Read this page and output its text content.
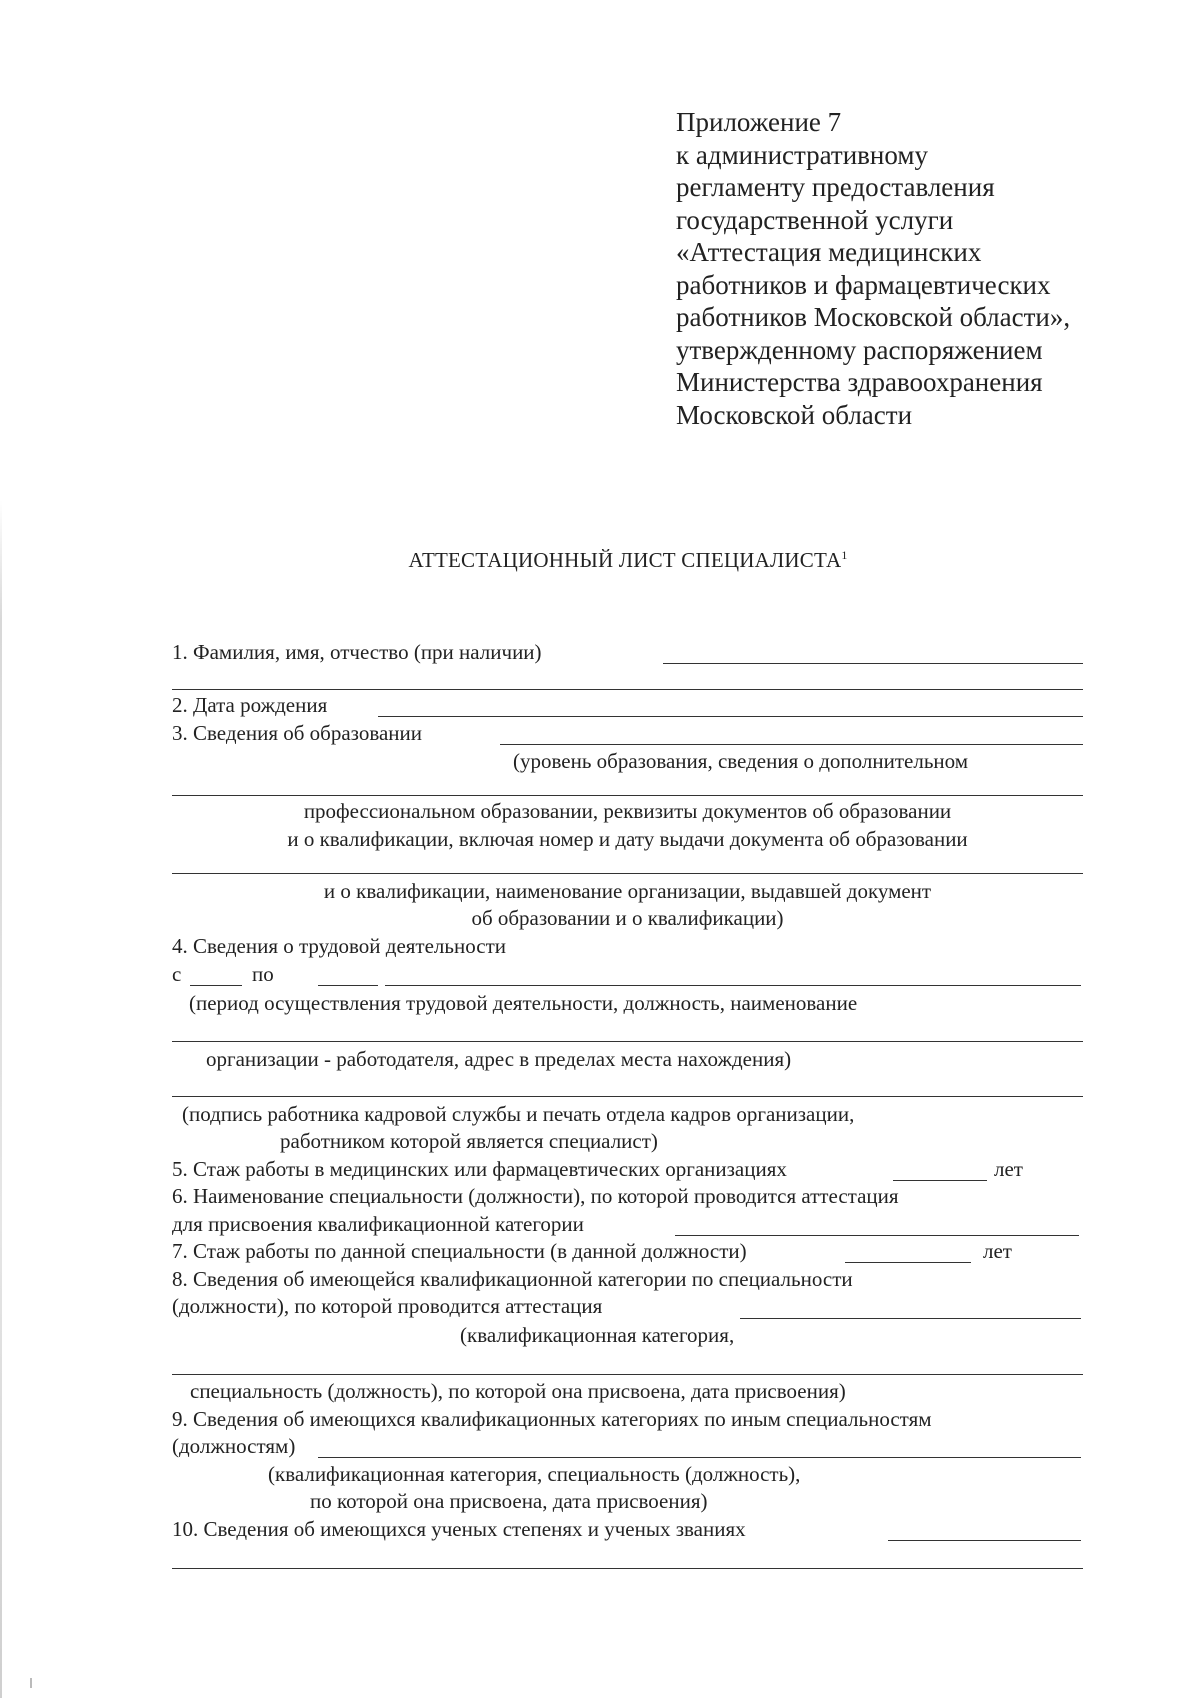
Приложение 7
к административному
регламенту предоставления
государственной услуги
«Аттестация медицинских
работников и фармацевтических
работников Московской области»,
утвержденному распоряжением
Министерства здравоохранения
Московской области
АТТЕСТАЦИОННЫЙ ЛИСТ СПЕЦИАЛИСТА$^1$
1. Фамилия, имя, отчество (при наличии)
2. Дата рождения
3. Сведения об образовании
(уровень образования, сведения о дополнительном
профессиональном образовании, реквизиты документов об образовании
и о квалификации, включая номер и дату выдачи документа об образовании
и о квалификации, наименование организации, выдавшей документ
об образовании и о квалификации)
4. Сведения о трудовой деятельности
с	по
(период осуществления трудовой деятельности, должность, наименование
организации - работодателя, адрес в пределах места нахождения)
(подпись работника кадровой службы и печать отдела кадров организации,
работником которой является специалист)
5. Стаж работы в медицинских или фармацевтических организациях	лет
6. Наименование специальности (должности), по которой проводится аттестация
для присвоения квалификационной категории
7. Стаж работы по данной специальности (в данной должности)	лет
8. Сведения об имеющейся квалификационной категории по специальности
(должности), по которой проводится аттестация
(квалификационная категория,
специальность (должность), по которой она присвоена, дата присвоения)
9. Сведения об имеющихся квалификационных категориях по иным специальностям
(должностям)
(квалификационная категория, специальность (должность),
по которой она присвоена, дата присвоения)
10. Сведения об имеющихся ученых степенях и ученых званиях
